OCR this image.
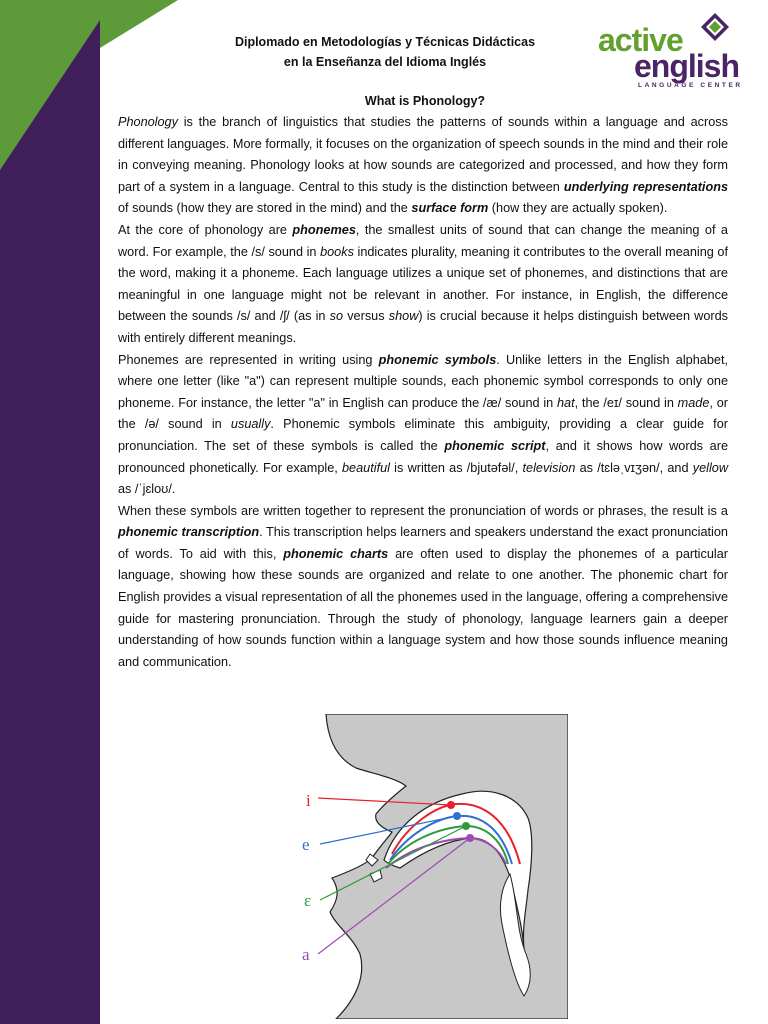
Diplomado en Metodologías y Técnicas Didácticas
en la Enseñanza del Idioma Inglés
active
english
LANGUAGE CENTER
What is Phonology?

Phonology is the branch of linguistics that studies the patterns of sounds within a language and across different languages. More formally, it focuses on the organization of speech sounds in the mind and their role in conveying meaning. Phonology looks at how sounds are categorized and processed, and how they form part of a system in a language. Central to this study is the distinction between underlying representations of sounds (how they are stored in the mind) and the surface form (how they are actually spoken).

At the core of phonology are phonemes, the smallest units of sound that can change the meaning of a word. For example, the /s/ sound in books indicates plurality, meaning it contributes to the overall meaning of the word, making it a phoneme. Each language utilizes a unique set of phonemes, and distinctions that are meaningful in one language might not be relevant in another. For instance, in English, the difference between the sounds /s/ and /ʃ/ (as in so versus show) is crucial because it helps distinguish between words with entirely different meanings.

Phonemes are represented in writing using phonemic symbols. Unlike letters in the English alphabet, where one letter (like "a") can represent multiple sounds, each phonemic symbol corresponds to only one phoneme. For instance, the letter "a" in English can produce the /æ/ sound in hat, the /eɪ/ sound in made, or the /ə/ sound in usually. Phonemic symbols eliminate this ambiguity, providing a clear guide for pronunciation. The set of these symbols is called the phonemic script, and it shows how words are pronounced phonetically. For example, beautiful is written as /bjutəfəl/, television as /tɛləˌvɪʒən/, and yellow as /ˈjɛloʊ/.

When these symbols are written together to represent the pronunciation of words or phrases, the result is a phonemic transcription. This transcription helps learners and speakers understand the exact pronunciation of words. To aid with this, phonemic charts are often used to display the phonemes of a particular language, showing how these sounds are organized and relate to one another. The phonemic chart for English provides a visual representation of all the phonemes used in the language, offering a comprehensive guide for mastering pronunciation. Through the study of phonology, language learners gain a deeper understanding of how sounds function within a language system and how those sounds influence meaning and communication.

i
e
ɛ
a
